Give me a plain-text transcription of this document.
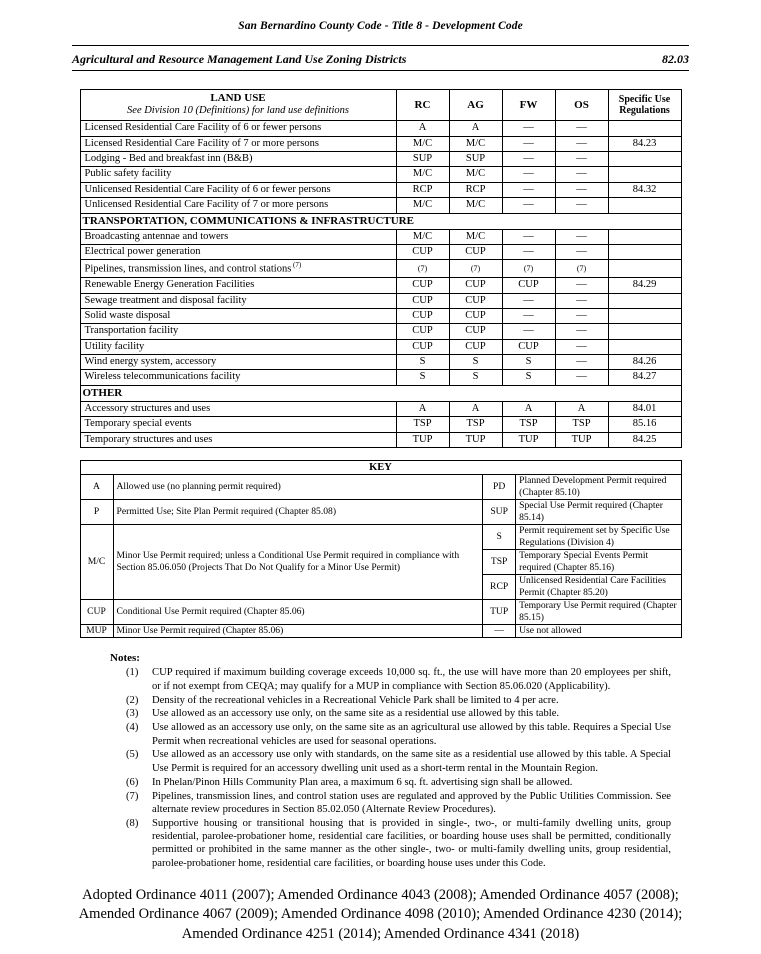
San Bernardino County Code - Title 8 - Development Code
Agricultural and Resource Management Land Use Zoning Districts	82.03
LAND USE
See Division 10 (Definitions) for land use definitions	RC	AG	FW	OS	Specific Use Regulations
Licensed Residential Care Facility of 6 or fewer persons	A	A	—	—	
Licensed Residential Care Facility of 7 or more persons	M/C	M/C	—	—	84.23
Lodging - Bed and breakfast inn (B&B)	SUP	SUP	—	—	
Public safety facility	M/C	M/C	—	—	
Unlicensed Residential Care Facility of 6 or fewer persons	RCP	RCP	—	—	84.32
Unlicensed Residential Care Facility of 7 or more persons	M/C	M/C	—	—	
TRANSPORTATION, COMMUNICATIONS & INFRASTRUCTURE					
Broadcasting antennae and towers	M/C	M/C	—	—	
Electrical power generation	CUP	CUP	—	—	
Pipelines, transmission lines, and control stations $^{(7)}$	(7)	(7)	(7)	(7)	
Renewable Energy Generation Facilities	CUP	CUP	CUP	—	84.29
Sewage treatment and disposal facility	CUP	CUP	—	—	
Solid waste disposal	CUP	CUP	—	—	
Transportation facility	CUP	CUP	—	—	
Utility facility	CUP	CUP	CUP	—	
Wind energy system, accessory	S	S	S	—	84.26
Wireless telecommunications facility	S	S	S	—	84.27
OTHER					
Accessory structures and uses	A	A	A	A	84.01
Temporary special events	TSP	TSP	TSP	TSP	85.16
Temporary structures and uses	TUP	TUP	TUP	TUP	84.25
KEY
A	Allowed use (no planning permit required)	PD	Planned Development Permit required (Chapter 85.10)
P	Permitted Use; Site Plan Permit required (Chapter 85.08)	SUP	Special Use Permit required (Chapter 85.14)
M/C	Minor Use Permit required; unless a Conditional Use Permit required in compliance with Section 85.06.050 (Projects That Do Not Qualify for a Minor Use Permit)	S	Permit requirement set by Specific Use Regulations (Division 4)
		TSP	Temporary Special Events Permit required (Chapter 85.16)
		RCP	Unlicensed Residential Care Facilities Permit (Chapter 85.20)
CUP	Conditional Use Permit required (Chapter 85.06)	TUP	Temporary Use Permit required (Chapter 85.15)
MUP	Minor Use Permit required (Chapter 85.06)	—	Use not allowed
Notes:
(1)	CUP required if maximum building coverage exceeds 10,000 sq. ft., the use will have more than 20 employees per shift, or if not exempt from CEQA; may qualify for a MUP in compliance with Section 85.06.020 (Applicability).
(2)	Density of the recreational vehicles in a Recreational Vehicle Park shall be limited to 4 per acre.
(3)	Use allowed as an accessory use only, on the same site as a residential use allowed by this table.
(4)	Use allowed as an accessory use only, on the same site as an agricultural use allowed by this table. Requires a Special Use Permit when recreational vehicles are used for seasonal operations.
(5)	Use allowed as an accessory use only with standards, on the same site as a residential use allowed by this table. A Special Use Permit is required for an accessory dwelling unit used as a short-term rental in the Mountain Region.
(6)	In Phelan/Pinon Hills Community Plan area, a maximum 6 sq. ft. advertising sign shall be allowed.
(7)	Pipelines, transmission lines, and control station uses are regulated and approved by the Public Utilities Commission. See alternate review procedures in Section 85.02.050 (Alternate Review Procedures).
(8)	Supportive housing or transitional housing that is provided in single-, two-, or multi-family dwelling units, group residential, parolee-probationer home, residential care facilities, or boarding house uses shall be permitted, conditionally permitted or prohibited in the same manner as the other single-, two- or multi-family dwelling units, group residential, parolee-probationer home, residential care facilities, or boarding house uses under this Code.
Adopted Ordinance 4011 (2007); Amended Ordinance 4043 (2008); Amended Ordinance 4057 (2008); Amended Ordinance 4067 (2009); Amended Ordinance 4098 (2010); Amended Ordinance 4230 (2014); Amended Ordinance 4251 (2014); Amended Ordinance 4341 (2018)
